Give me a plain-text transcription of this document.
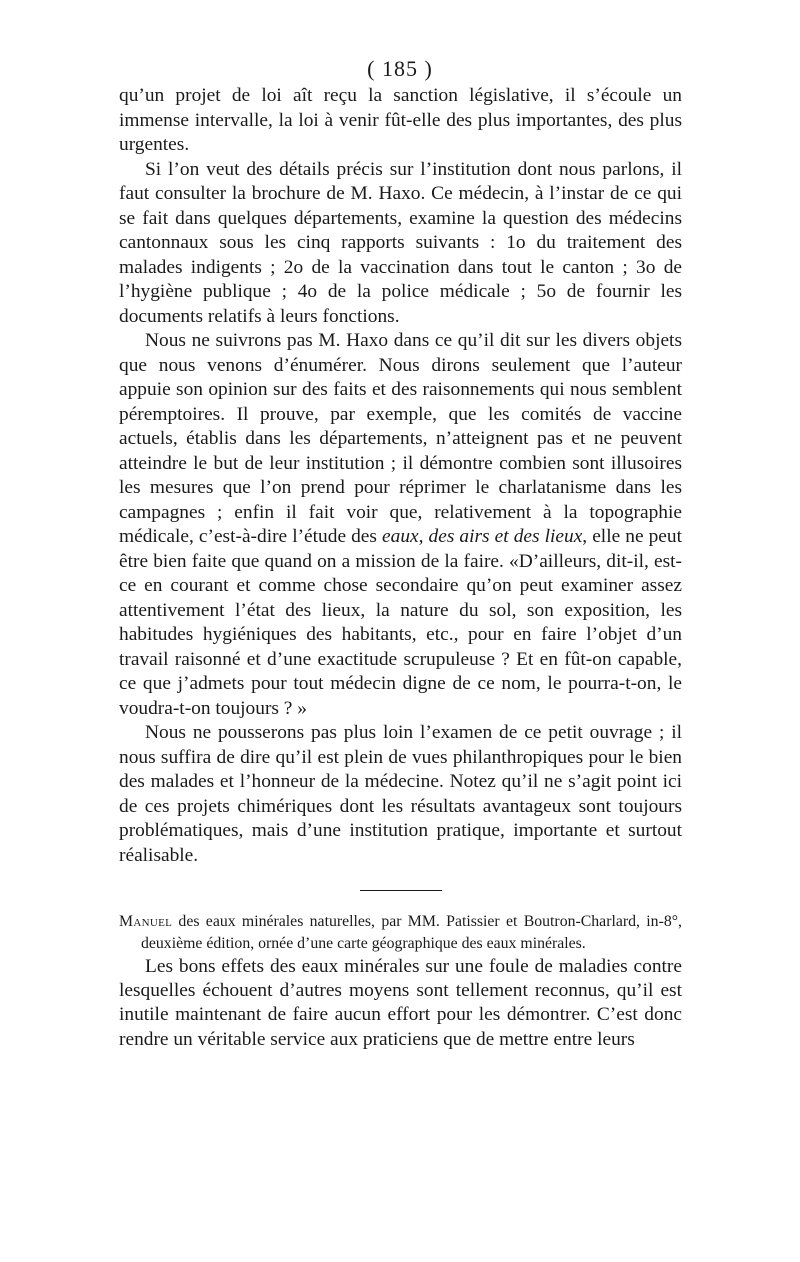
( 185 )

qu’un projet de loi aît reçu la sanction législative, il s’écoule un immense intervalle, la loi à venir fût-elle des plus importantes, des plus urgentes.

Si l’on veut des détails précis sur l’institution dont nous parlons, il faut consulter la brochure de M. Haxo. Ce médecin, à l’instar de ce qui se fait dans quelques départements, examine la question des médecins cantonnaux sous les cinq rapports suivants : 1o du traitement des malades indigents ; 2o de la vaccination dans tout le canton ; 3o de l’hygiène publique ; 4o de la police médicale ; 5o de fournir les documents relatifs à leurs fonctions.

Nous ne suivrons pas M. Haxo dans ce qu’il dit sur les divers objets que nous venons d’énumérer. Nous dirons seulement que l’auteur appuie son opinion sur des faits et des raisonnements qui nous semblent péremptoires. Il prouve, par exemple, que les comités de vaccine actuels, établis dans les départements, n’atteignent pas et ne peuvent atteindre le but de leur institution ; il démontre combien sont illusoires les mesures que l’on prend pour réprimer le charlatanisme dans les campagnes ; enfin il fait voir que, relativement à la topographie médicale, c’est-à-dire l’étude des eaux, des airs et des lieux, elle ne peut être bien faite que quand on a mission de la faire. «D’ailleurs, dit-il, est-ce en courant et comme chose secondaire qu’on peut examiner assez attentivement l’état des lieux, la nature du sol, son exposition, les habitudes hygiéniques des habitants, etc., pour en faire l’objet d’un travail raisonné et d’une exactitude scrupuleuse ? Et en fût-on capable, ce que j’admets pour tout médecin digne de ce nom, le pourra-t-on, le voudra-t-on toujours ? »

Nous ne pousserons pas plus loin l’examen de ce petit ouvrage ; il nous suffira de dire qu’il est plein de vues philanthropiques pour le bien des malades et l’honneur de la médecine. Notez qu’il ne s’agit point ici de ces projets chimériques dont les résultats avantageux sont toujours problématiques, mais d’une institution pratique, importante et surtout réalisable.

Manuel des eaux minérales naturelles, par MM. Patissier et Boutron-Charlard, in-8°, deuxième édition, ornée d’une carte géographique des eaux minérales.

Les bons effets des eaux minérales sur une foule de maladies contre lesquelles échouent d’autres moyens sont tellement reconnus, qu’il est inutile maintenant de faire aucun effort pour les démontrer. C’est donc rendre un véritable service aux praticiens que de mettre entre leurs
